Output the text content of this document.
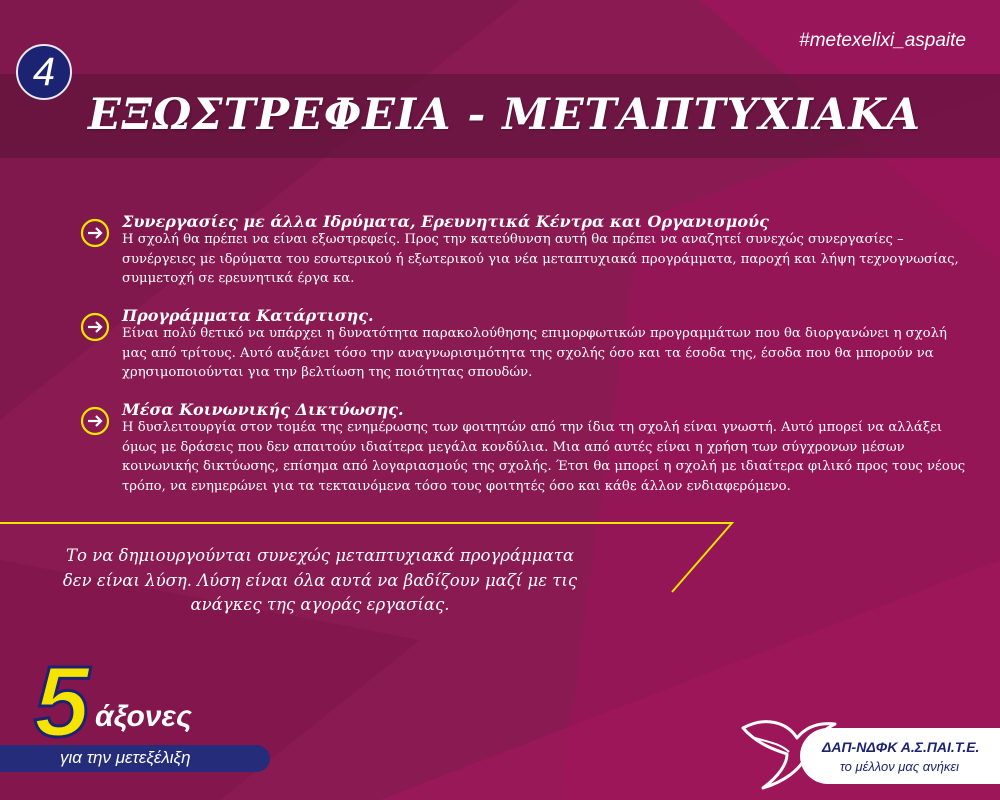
#metexelixi_aspaite
4
ΕΞΩΣΤΡΕΦΕΙΑ - ΜΕΤΑΠΤΥΧΙΑΚΑ
Συνεργασίες με άλλα Ιδρύματα, Ερευνητικά Κέντρα και Οργανισμούς
Η σχολή θα πρέπει να είναι εξωστρεφείς. Προς την κατεύθυνση αυτή θα πρέπει να αναζητεί συνεχώς συνεργασίες – συνέργειες με ιδρύματα του εσωτερικού ή εξωτερικού για νέα μεταπτυχιακά προγράμματα, παροχή και λήψη τεχνογνωσίας, συμμετοχή σε ερευνητικά έργα κα.
Προγράμματα Κατάρτισης.
Είναι πολύ θετικό να υπάρχει η δυνατότητα παρακολούθησης επιμορφωτικών προγραμμάτων που θα διοργανώνει η σχολή μας από τρίτους. Αυτό αυξάνει τόσο την αναγνωρισιμότητα της σχολής όσο και τα έσοδα της, έσοδα που θα μπορούν να χρησιμοποιούνται για την βελτίωση της ποιότητας σπουδών.
Μέσα Κοινωνικής Δικτύωσης.
Η δυσλειτουργία στον τομέα της ενημέρωσης των φοιτητών από την ίδια τη σχολή είναι γνωστή. Αυτό μπορεί να αλλάξει όμως με δράσεις που δεν απαιτούν ιδιαίτερα μεγάλα κονδύλια. Μια από αυτές είναι η χρήση των σύγχρονων μέσων κοινωνικής δικτύωσης, επίσημα από λογαριασμούς της σχολής. Έτσι θα μπορεί η σχολή με ιδιαίτερα φιλικό προς τους νέους τρόπο, να ενημερώνει για τα τεκταινόμενα τόσο τους φοιτητές όσο και κάθε άλλον ενδιαφερόμενο.
Το να δημιουργούνται συνεχώς μεταπτυχιακά προγράμματα δεν είναι λύση. Λύση είναι όλα αυτά να βαδίζουν μαζί με τις ανάγκες της αγοράς εργασίας.
5 άξονες
για την μετεξέλιξη
ΔΑΠ-ΝΔΦΚ Α.Σ.ΠΑΙ.Τ.Ε.
το μέλλον μας ανήκει
